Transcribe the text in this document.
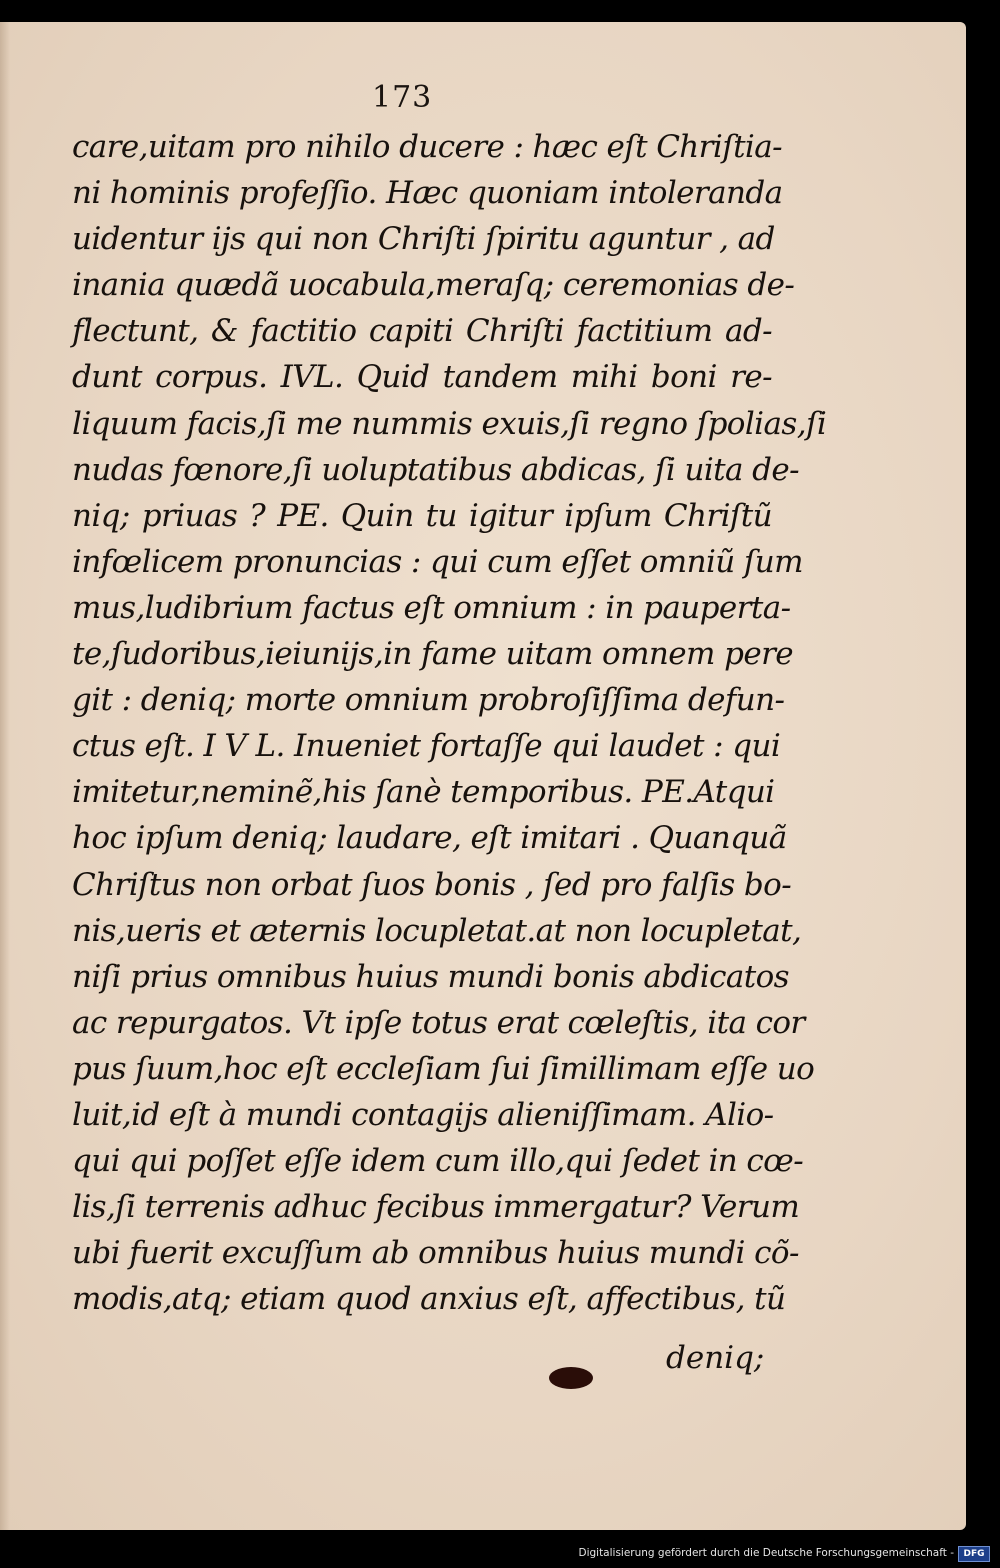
173
care,uitam pro nihilo ducere : hæc eſt Chriſtia-
ni hominis profeſſio. Hæc quoniam intoleranda
uidentur ijs qui non Chriſti ſpiritu aguntur , ad
inania quædã uocabula,meraſq; ceremonias de-
flectunt, & factitio capiti Chriſti factitium ad-
dunt corpus. IVL. Quid tandem mihi boni re-
liquum facis,ſi me nummis exuis,ſi regno ſpolias,ſi
nudas fœnore,ſi uoluptatibus abdicas, ſi uita de-
niq; priuas ? PE. Quin tu igitur ipſum Chriſtũ
infœlicem pronuncias : qui cum eſſet omniũ ſum
mus,ludibrium factus eſt omnium : in pauperta-
te,ſudoribus,ieiunijs,in fame uitam omnem pere
git : deniq; morte omnium probroſiſſima defun-
ctus eſt. I V L. Inueniet fortaſſe qui laudet : qui
imitetur,neminẽ,his ſanè temporibus. PE.Atqui
hoc ipſum deniq; laudare, eſt imitari . Quanquã
Chriſtus non orbat ſuos bonis , ſed pro falſis bo-
nis,ueris et æternis locupletat.at non locupletat,
niſi prius omnibus huius mundi bonis abdicatos
ac repurgatos. Vt ipſe totus erat cœleſtis, ita cor
pus ſuum,hoc eſt eccleſiam ſui ſimillimam eſſe uo
luit,id eſt à mundi contagijs alieniſſimam. Alio-
qui qui poſſet eſſe idem cum illo,qui ſedet in cœ-
lis,ſi terrenis adhuc fecibus immergatur? Verum
ubi fuerit excuſſum ab omnibus huius mundi cõ-
modis,atq; etiam quod anxius eſt, affectibus, tũ
deniq;
Digitalisierung gefördert durch die Deutsche Forschungsgemeinschaft -	DFG
